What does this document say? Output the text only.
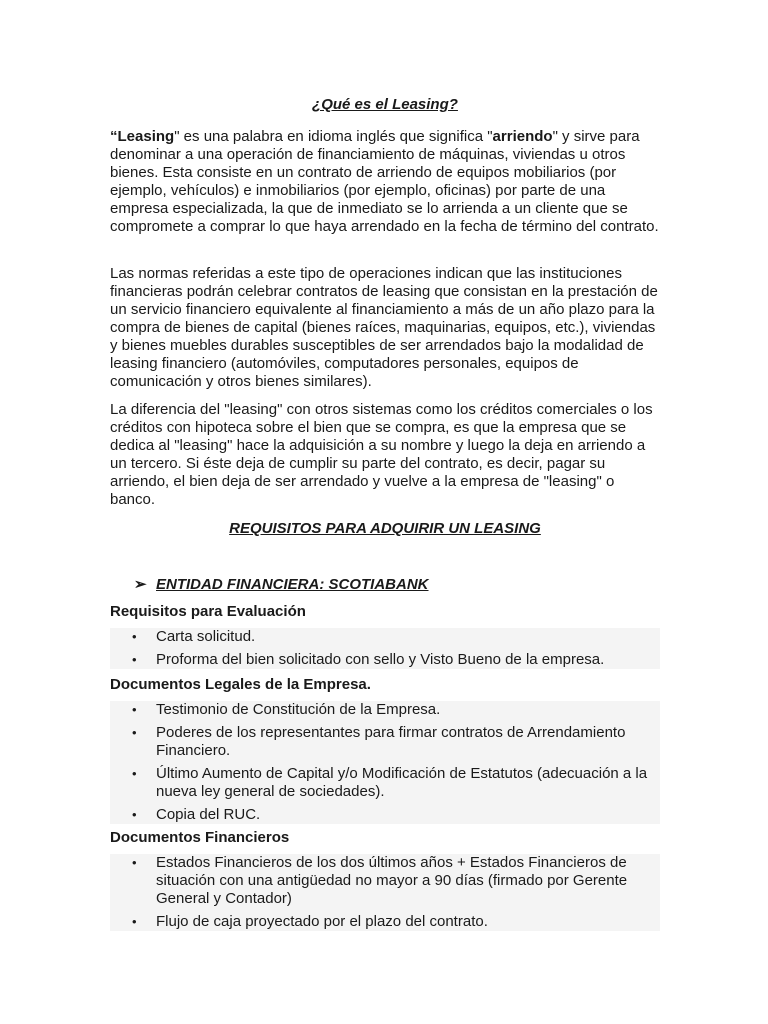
¿Qué es el Leasing?

“Leasing" es una palabra en idioma inglés que significa "arriendo" y sirve para denominar a una operación de financiamiento de máquinas, viviendas u otros bienes. Esta consiste en un contrato de arriendo de equipos mobiliarios (por ejemplo, vehículos) e inmobiliarios (por ejemplo, oficinas) por parte de una empresa especializada, la que de inmediato se lo arrienda a un cliente que se compromete a comprar lo que haya arrendado en la fecha de término del contrato.

Las normas referidas a este tipo de operaciones indican que las instituciones financieras podrán celebrar contratos de leasing que consistan en la prestación de un servicio financiero equivalente al financiamiento a más de un año plazo para la compra de bienes de capital (bienes raíces, maquinarias, equipos, etc.), viviendas y bienes muebles durables susceptibles de ser arrendados bajo la modalidad de leasing financiero (automóviles, computadores personales, equipos de comunicación y otros bienes similares).

La diferencia del "leasing" con otros sistemas como los créditos comerciales o los créditos con hipoteca sobre el bien que se compra, es que la empresa que se dedica al "leasing" hace la adquisición a su nombre y luego la deja en arriendo a un tercero. Si éste deja de cumplir su parte del contrato, es decir, pagar su arriendo, el bien deja de ser arrendado y vuelve a la empresa de "leasing" o banco.

REQUISITOS PARA ADQUIRIR UN LEASING
➢ ENTIDAD FINANCIERA: SCOTIABANK
Requisitos para Evaluación
• Carta solicitud.
• Proforma del bien solicitado con sello y Visto Bueno de la empresa.
Documentos Legales de la Empresa.
• Testimonio de Constitución de la Empresa.
• Poderes de los representantes para firmar contratos de Arrendamiento Financiero.
• Último Aumento de Capital y/o Modificación de Estatutos (adecuación a la nueva ley general de sociedades).
• Copia del RUC.
Documentos Financieros
• Estados Financieros de los dos últimos años + Estados Financieros de situación con una antigüedad no mayor a 90 días (firmado por Gerente General y Contador)
• Flujo de caja proyectado por el plazo del contrato.
